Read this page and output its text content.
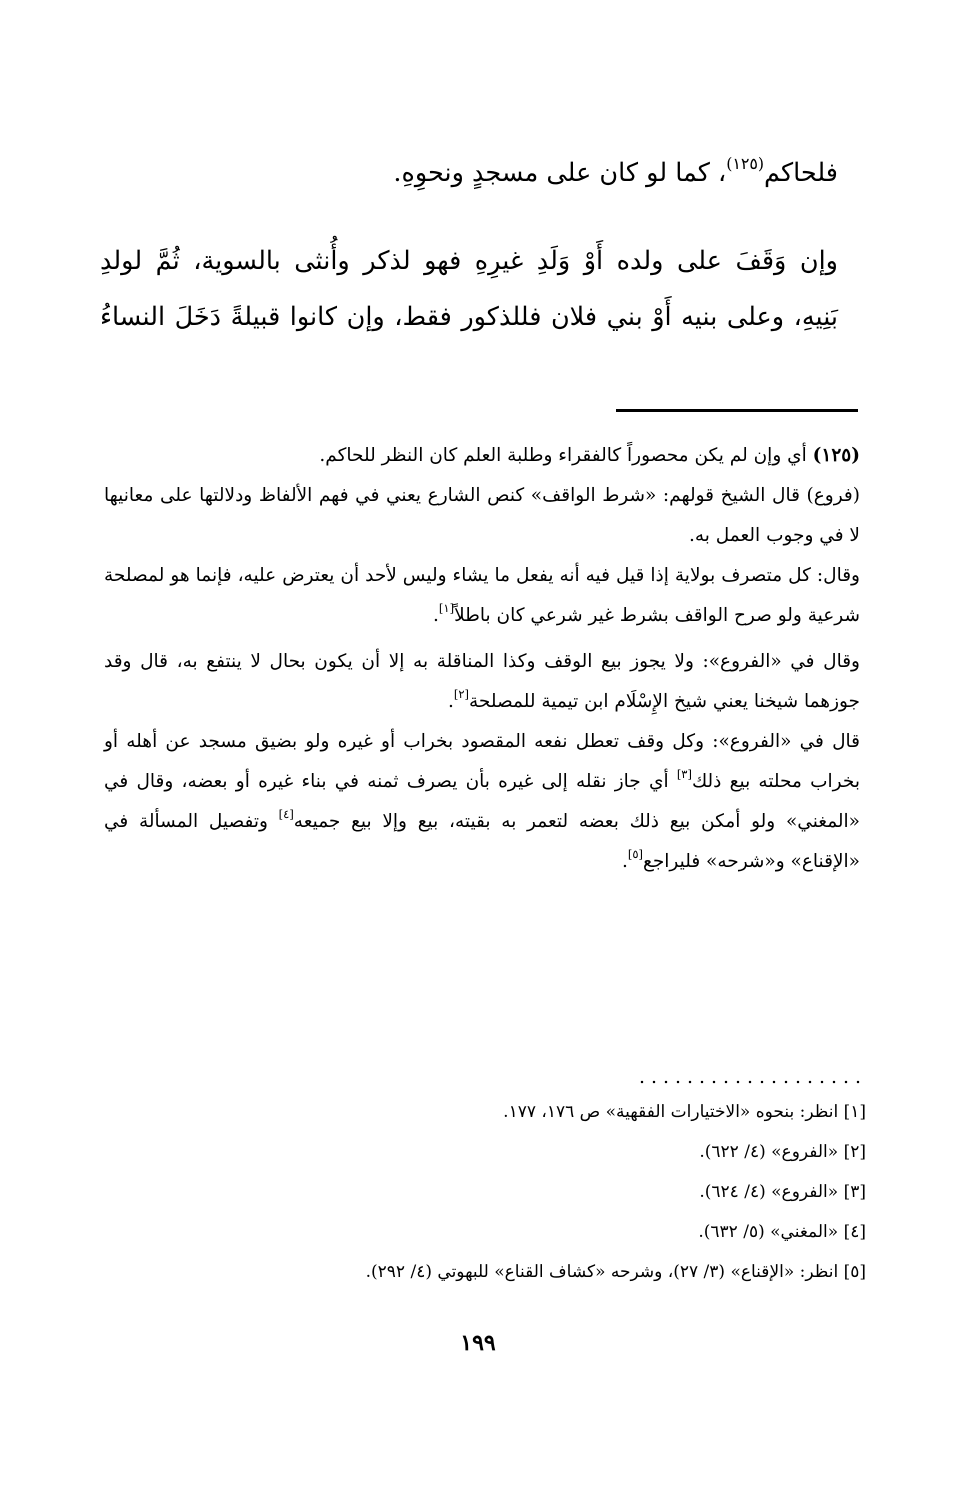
فلحاكم$^{(١٢٥)}$، كما لو كان على مسجدٍ ونحوِهِ.
وإن وَقَفَ على ولده أَوْ وَلَدِ غيرِهِ فهو لذكر وأُنثى بالسوية، ثُمَّ لولدِ
بَنِيهِ، وعلى بنيه أَوْ بني فلان فللذكور فقط، وإن كانوا قبيلةً دَخَلَ النساءُ

(١٢٥) أي وإن لم يكن محصوراً كالفقراء وطلبة العلم كان النظر للحاكم.

(فروع) قال الشيخ قولهم: «شرط الواقف» كنص الشارع يعني في فهم الألفاظ ودلالتها على معانيها لا في وجوب العمل به.

وقال: كل متصرف بولاية إذا قيل فيه أنه يفعل ما يشاء وليس لأحد أن يعترض عليه، فإنما هو لمصلحة شرعية ولو صرح الواقف بشرط غير شرعي كان باطلاً[١].

وقال في «الفروع»: ولا يجوز بيع الوقف وكذا المناقلة به إلا أن يكون بحال لا ينتفع به، قال وقد جوزهما شيخنا يعني شيخ الإِسْلَام ابن تيمية للمصلحة[٢].

قال في «الفروع»: وكل وقف تعطل نفعه المقصود بخراب أو غيره ولو بضيق مسجد عن أهله أو بخراب محلته بيع ذلك[٣] أي جاز نقله إلى غيره بأن يصرف ثمنه في بناء غيره أو بعضه، وقال في «المغني» ولو أمكن بيع ذلك بعضه لتعمر به بقيته، بيع وإلا بيع جميعه[٤] وتفصيل المسألة في «الإقناع» و«شرحه» فليراجع[٥].

[١] انظر: بنحوه «الاختيارات الفقهية» ص ١٧٦، ١٧٧.
[٢] «الفروع» (٤/ ٦٢٢).
[٣] «الفروع» (٤/ ٦٢٤).
[٤] «المغني» (٥/ ٦٣٢).
[٥] انظر: «الإقناع» (٣/ ٢٧)، وشرحه «كشاف القناع» للبهوتي (٤/ ٢٩٢).
١٩٩
